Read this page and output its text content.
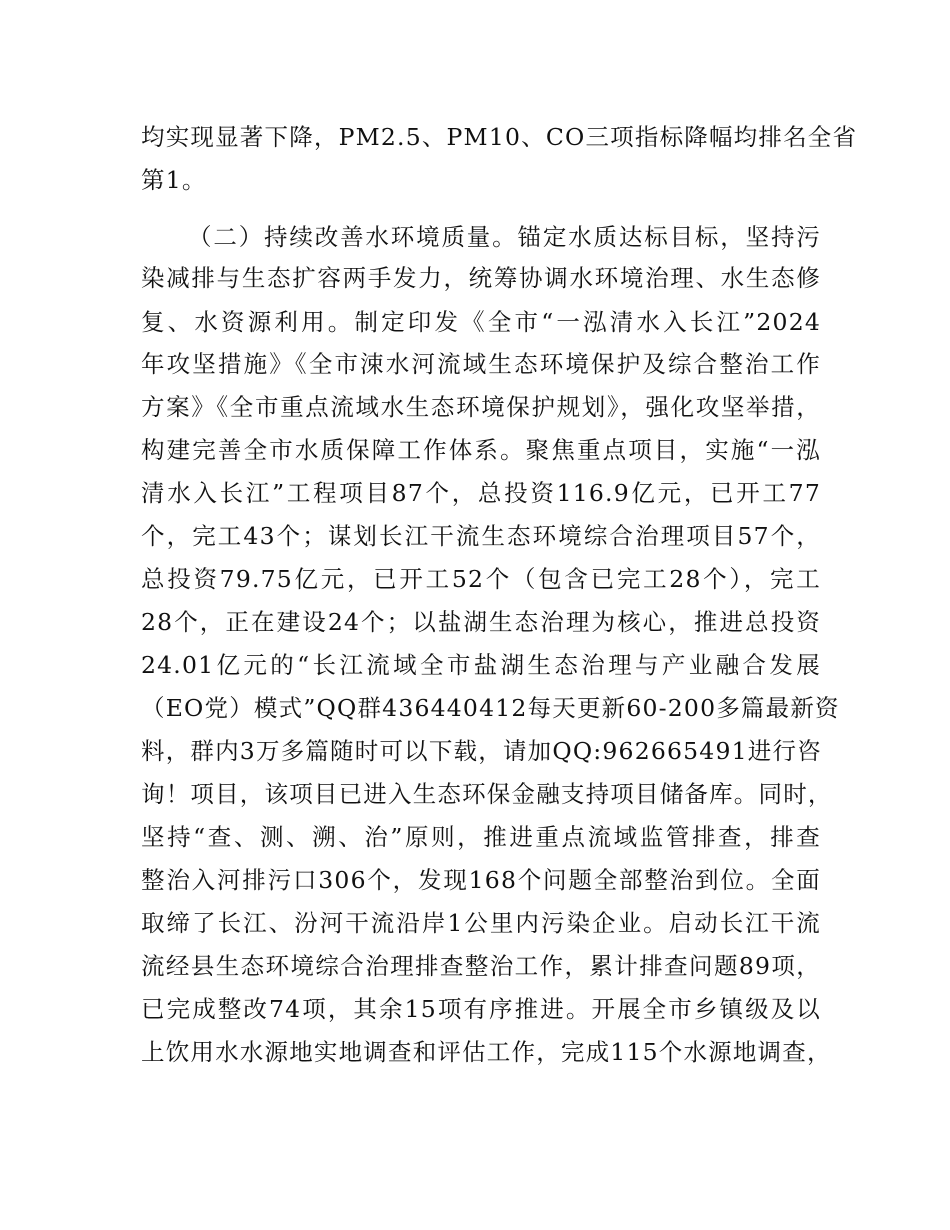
均实现显著下降，PM2.5、PM10、CO三项指标降幅均排名全省
第1。
（二）持续改善水环境质量。锚定水质达标目标，坚持污
染减排与生态扩容两手发力，统筹协调水环境治理、水生态修
复、水资源利用。制定印发《全市“一泓清水入长江”2024
年攻坚措施》《全市涑水河流域生态环境保护及综合整治工作
方案》《全市重点流域水生态环境保护规划》，强化攻坚举措，
构建完善全市水质保障工作体系。聚焦重点项目，实施“一泓
清水入长江”工程项目87个，总投资116.9亿元，已开工77
个，完工43个；谋划长江干流生态环境综合治理项目57个，
总投资79.75亿元，已开工52个（包含已完工28个），完工
28个，正在建设24个；以盐湖生态治理为核心，推进总投资
24.01亿元的“长江流域全市盐湖生态治理与产业融合发展
（EO党）模式”QQ群436440412每天更新60-200多篇最新资
料，群内3万多篇随时可以下载，请加QQ:962665491进行咨
询！项目，该项目已进入生态环保金融支持项目储备库。同时，
坚持“查、测、溯、治”原则，推进重点流域监管排查，排查
整治入河排污口306个，发现168个问题全部整治到位。全面
取缔了长江、汾河干流沿岸1公里内污染企业。启动长江干流
流经县生态环境综合治理排查整治工作，累计排查问题89项，
已完成整改74项，其余15项有序推进。开展全市乡镇级及以
上饮用水水源地实地调查和评估工作，完成115个水源地调查，
